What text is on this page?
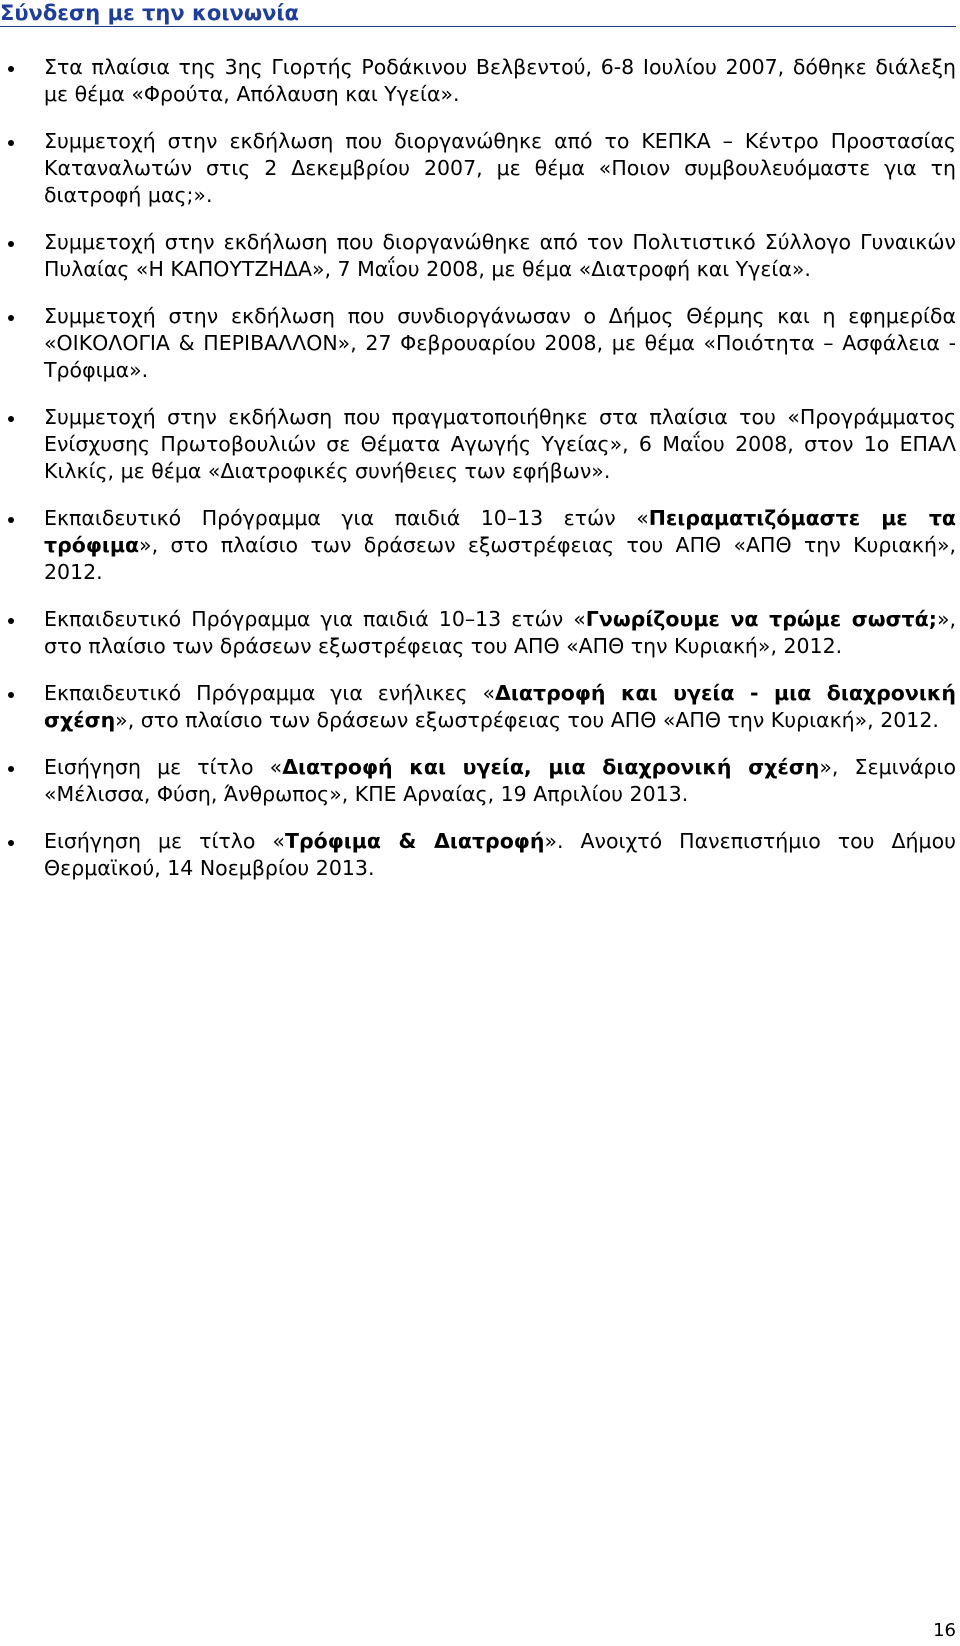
Σύνδεση με την κοινωνία
Στα πλαίσια της 3ης Γιορτής Ροδάκινου Βελβεντού, 6-8 Ιουλίου 2007, δόθηκε διάλεξη με θέμα «Φρούτα, Απόλαυση και Υγεία».
Συμμετοχή στην εκδήλωση που διοργανώθηκε από το ΚΕΠΚΑ – Κέντρο Προστασίας Καταναλωτών στις 2 Δεκεμβρίου 2007, με θέμα «Ποιον συμβουλευόμαστε για τη διατροφή μας;».
Συμμετοχή στην εκδήλωση που διοργανώθηκε από τον Πολιτιστικό Σύλλογο Γυναικών Πυλαίας «Η ΚΑΠΟΥΤΖΗΔΑ», 7 Μαΐου 2008, με θέμα «Διατροφή και Υγεία».
Συμμετοχή στην εκδήλωση που συνδιοργάνωσαν ο Δήμος Θέρμης και η εφημερίδα «ΟΙΚΟΛΟΓΙΑ & ΠΕΡΙΒΑΛΛΟΝ», 27 Φεβρουαρίου 2008, με θέμα «Ποιότητα – Ασφάλεια - Τρόφιμα».
Συμμετοχή στην εκδήλωση που πραγματοποιήθηκε στα πλαίσια του «Προγράμματος Ενίσχυσης Πρωτοβουλιών σε Θέματα Αγωγής Υγείας», 6 Μαΐου 2008, στον 1ο ΕΠΑΛ Κιλκίς, με θέμα «Διατροφικές συνήθειες των εφήβων».
Εκπαιδευτικό Πρόγραμμα για παιδιά 10–13 ετών «Πειραματιζόμαστε με τα τρόφιμα», στο πλαίσιο των δράσεων εξωστρέφειας του ΑΠΘ «ΑΠΘ την Κυριακή», 2012.
Εκπαιδευτικό Πρόγραμμα για παιδιά 10–13 ετών «Γνωρίζουμε να τρώμε σωστά;», στο πλαίσιο των δράσεων εξωστρέφειας του ΑΠΘ «ΑΠΘ την Κυριακή», 2012.
Εκπαιδευτικό Πρόγραμμα για ενήλικες «Διατροφή και υγεία - μια διαχρονική σχέση», στο πλαίσιο των δράσεων εξωστρέφειας του ΑΠΘ «ΑΠΘ την Κυριακή», 2012.
Εισήγηση με τίτλο «Διατροφή και υγεία, μια διαχρονική σχέση», Σεμινάριο «Μέλισσα, Φύση, Άνθρωπος», ΚΠΕ Αρναίας, 19 Απριλίου 2013.
Εισήγηση με τίτλο «Τρόφιμα & Διατροφή». Ανοιχτό Πανεπιστήμιο του Δήμου Θερμαϊκού, 14 Νοεμβρίου 2013.
16
